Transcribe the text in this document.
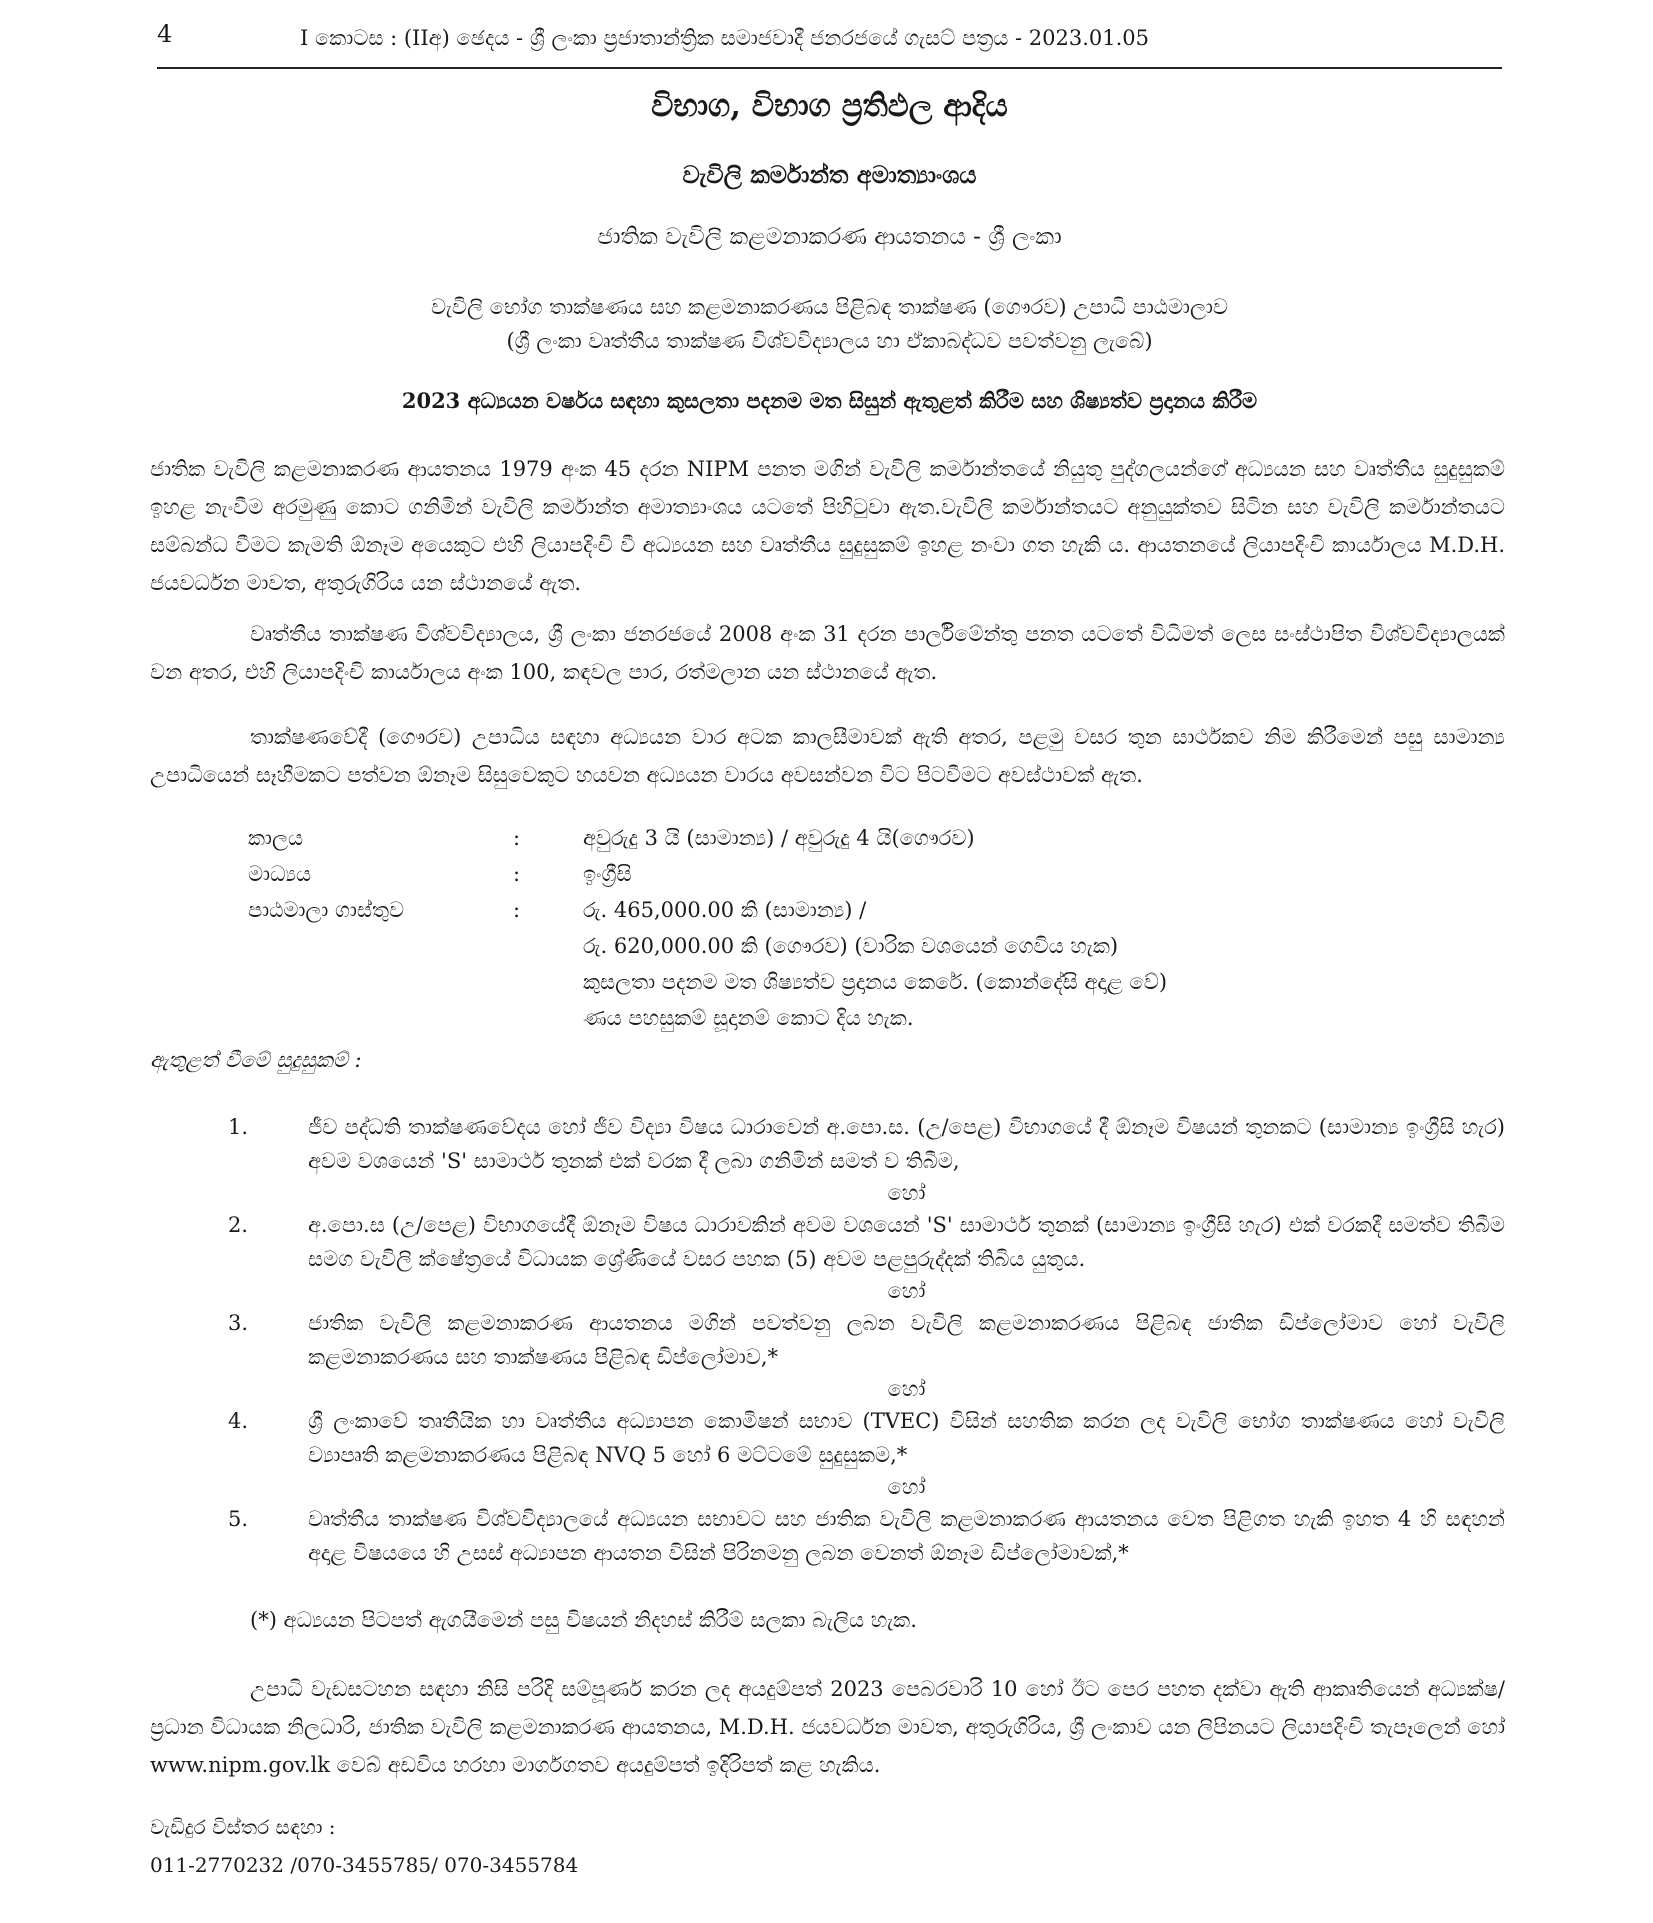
4	I කොටස : (IIඅ) ඡෙදය - ශ්‍රී ලංකා ප්‍රජාතාන්ත්‍රික සමාජවාදී ජනරජයේ ගැසට් පත්‍රය - 2023.01.05
විභාග, විභාග ප්‍රතිඵල ආදිය
වැවිලි කර්මාන්ත අමාත්‍යාංශය
ජාතික වැවිලි කළමනාකරණ ආයතනය - ශ්‍රී ලංකා
වැවිලි භෝග තාක්ෂණය සහ කළමනාකරණය පිළිබඳ තාක්ෂණ (ගෞරව) උපාධි පාඨමාලාව
(ශ්‍රී ලංකා වෘත්තීය තාක්ෂණ විශ්වවිද්‍යාලය හා ඒකාබද්ධව පවත්වනු ලැබේ)
2023 අධ්‍යයන වර්ෂය සඳහා කුසලතා පදනම මත සිසුන් ඇතුළත් කිරීම සහ ශිෂ්‍යත්ව ප්‍රදානය කිරීම
ජාතික වැවිලි කළමනාකරණ ආයතනය 1979 අංක 45 දරන NIPM පනත මගින් වැවිලි කර්මාන්තයේ නියුතු පුද්ගලයන්ගේ අධ්‍යයන සහ වෘත්තීය සුදුසුකම් ඉහළ නැංවීම අරමුණු කොට ගනිමින් වැවිලි කර්මාන්ත අමාත්‍යාංශය යටතේ පිහිටුවා ඇත.වැවිලි කර්මාන්තයට අනුයුක්තව සිටින සහ වැවිලි කර්මාන්තයට සම්බන්ධ වීමට කැමති ඕනෑම අයෙකුට එහි ලියාපදිංචි වී අධ්‍යයන සහ වෘත්තීය සුදුසුකම් ඉහළ නංවා ගත හැකි ය. ආයතනයේ ලියාපදිංචි කාර්යාලය M.D.H. ජයවර්ධන මාවත, අතුරුගිරිය යන ස්ථානයේ ඇත.
වෘත්තීය තාක්ෂණ විශ්වවිද්‍යාලය, ශ්‍රී ලංකා ජනරජයේ 2008 අංක 31 දරන පාර්ලිමේන්තු පනත යටතේ විධිමත් ලෙස සංස්ථාපිත විශ්වවිද්‍යාලයක් වන අතර, එහි ලියාපදිංචි කාර්යාලය අංක 100, කඳවල පාර, රත්මලාන යන ස්ථානයේ ඇත.
තාක්ෂණවේදී (ගෞරව) උපාධිය සඳහා අධ්‍යයන වාර අටක කාලසීමාවක් ඇති අතර, පළමු වසර තුන සාර්ථකව නිම කිරීමෙන් පසු සාමාන්‍ය උපාධියෙන් සෑහීමකට පත්වන ඕනෑම සිසුවෙකුට හයවන අධ්‍යයන වාරය අවසන්වන විට පිටවීමට අවස්ථාවක් ඇත.
කාලය	:	අවුරුදු 3 යි (සාමාන්‍ය) / අවුරුදු 4 යි(ගෞරව)
මාධ්‍යය	:	ඉංග්‍රීසි
පාඨමාලා ගාස්තුව	:	රු. 465,000.00 කි (සාමාන්‍ය) /
රු. 620,000.00 කි (ගෞරව) (වාරික වශයෙන් ගෙවිය හැක)
කුසලතා පදනම මත ශිෂ්‍යත්ව ප්‍රදානය කෙරේ. (කොන්දේසි අදාළ වේ)
ණය පහසුකම් සූදානම් කොට දිය හැක.
ඇතුළත් වීමේ සුදුසුකම් :
1.	ජීව පද්ධති තාක්ෂණවේදය හෝ ජීව විද්‍යා විෂය ධාරාවෙන් අ.පො.ස. (උ/පෙළ) විභාගයේ දී ඕනෑම විෂයන් තුනකට (සාමාන්‍ය ඉංග්‍රීසි හැර) අවම වශයෙන් 'S' සාමාර්ථ තුනක් එක් වරක දී ලබා ගනිමින් සමත් ව තිබීම,
හෝ
2.	අ.පො.ස (උ/පෙළ) විභාගයේදී ඕනෑම විෂය ධාරාවකින් අවම වශයෙන් 'S' සාමාර්ථ තුනක් (සාමාන්‍ය ඉංග්‍රීසි හැර) එක් වරකදී සමත්ව තිබීම සමග වැවිලි ක්ෂේත්‍රයේ විධායක ශ්‍රේණියේ වසර පහක (5) අවම පළපුරුද්දක් තිබිය යුතුය.
හෝ
3.	ජාතික වැවිලි කළමනාකරණ ආයතනය මගින් පවත්වනු ලබන වැවිලි කළමනාකරණය පිළිබඳ ජාතික ඩිප්ලෝමාව හෝ වැවිලි කළමනාකරණය සහ තාක්ෂණය පිළිබඳ ඩිප්ලෝමාව,*
හෝ
4.	ශ්‍රී ලංකාවේ තෘතීයික හා වෘත්තීය අධ්‍යාපන කොමිෂන් සභාව (TVEC) විසින් සහතික කරන ලද වැවිලි භෝග තාක්ෂණය හෝ වැවිලි ව්‍යාපෘති කළමනාකරණය පිළිබඳ NVQ 5 හෝ 6 මට්ටමේ සුදුසුකම,*
හෝ
5.	වෘත්තීය තාක්ෂණ විශ්වවිද්‍යාලයේ අධ්‍යයන සභාවට සහ ජාතික වැවිලි කළමනාකරණ ආයතනය වෙත පිළිගත හැකි ඉහත 4 හි සඳහන් අදාළ විෂයයෙ හි උසස් අධ්‍යාපන ආයතන විසින් පිරිනමනු ලබන වෙනත් ඕනෑම ඩිප්ලෝමාවක්,*
(*) අධ්‍යයන පිටපත් ඇගයීමෙන් පසු විෂයන් නිදහස් කිරීම් සලකා බැලිය හැක.
උපාධි වැඩසටහන සඳහා නිසි පරිදි සම්පූර්ණ කරන ලද අයදුම්පත් 2023 පෙබරවාරි 10 හෝ ඊට පෙර පහත දක්වා ඇති ආකෘතියෙන් අධ්‍යක්ෂ/ප්‍රධාන විධායක නිලධාරි, ජාතික වැවිලි කළමනාකරණ ආයතනය, M.D.H. ජයවර්ධන මාවත, අතුරුගිරිය, ශ්‍රී ලංකාව යන ලිපිනයට ලියාපදිංචි තැපෑලෙන් හෝ www.nipm.gov.lk වෙබ් අඩවිය හරහා මාර්ගගතව අයදුම්පත් ඉදිරිපත් කළ හැකිය.
වැඩිදුර විස්තර සඳහා :
011-2770232 /070-3455785/ 070-3455784
